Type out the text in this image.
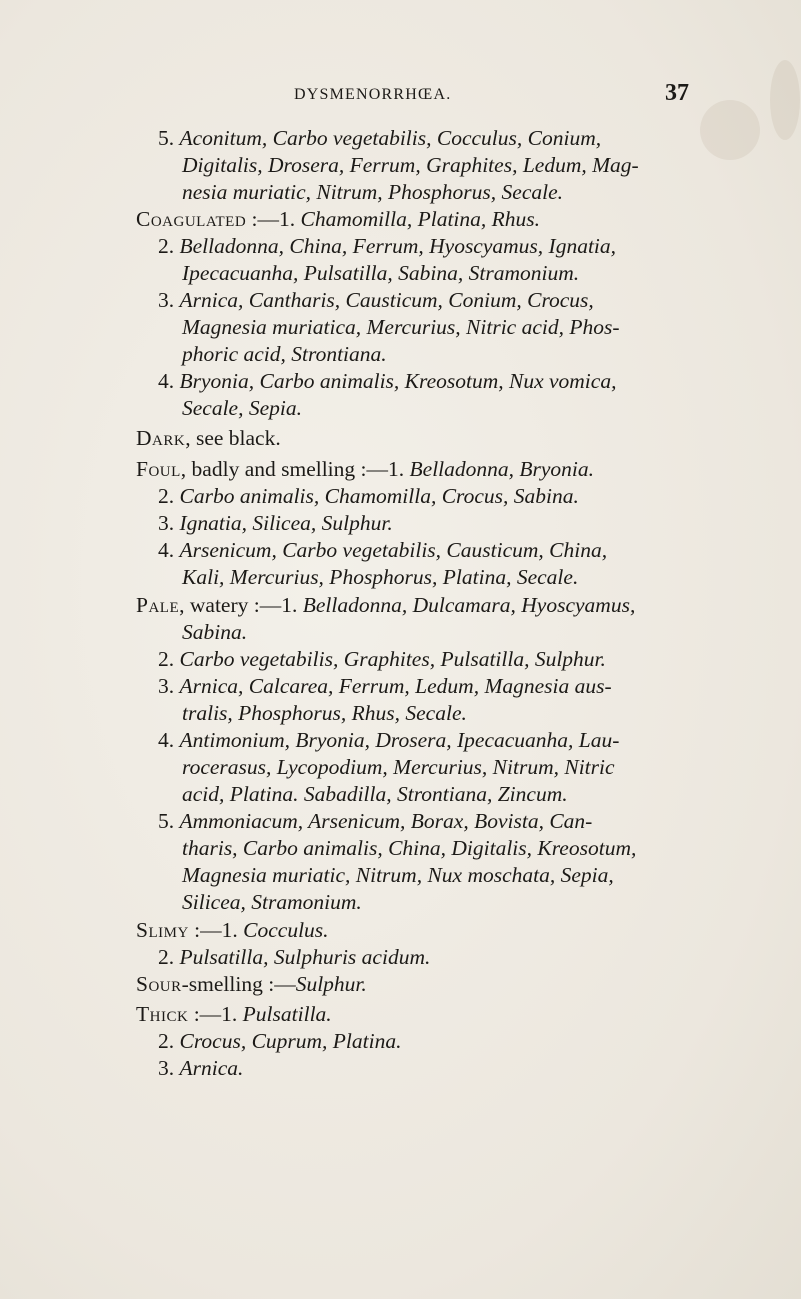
DYSMENORRHŒA.	37
5. Aconitum, Carbo vegetabilis, Cocculus, Conium,
Digitalis, Drosera, Ferrum, Graphites, Ledum, Mag-
nesia muriatic, Nitrum, Phosphorus, Secale.
Coagulated :—1. Chamomilla, Platina, Rhus.
2. Belladonna, China, Ferrum, Hyoscyamus, Ignatia,
Ipecacuanha, Pulsatilla, Sabina, Stramonium.
3. Arnica, Cantharis, Causticum, Conium, Crocus,
Magnesia muriatica, Mercurius, Nitric acid, Phos-
phoric acid, Strontiana.
4. Bryonia, Carbo animalis, Kreosotum, Nux vomica,
Secale, Sepia.
Dark, see black.
Foul, badly and smelling :—1. Belladonna, Bryonia.
2. Carbo animalis, Chamomilla, Crocus, Sabina.
3. Ignatia, Silicea, Sulphur.
4. Arsenicum, Carbo vegetabilis, Causticum, China,
Kali, Mercurius, Phosphorus, Platina, Secale.
Pale, watery :—1. Belladonna, Dulcamara, Hyoscyamus,
Sabina.
2. Carbo vegetabilis, Graphites, Pulsatilla, Sulphur.
3. Arnica, Calcarea, Ferrum, Ledum, Magnesia aus-
tralis, Phosphorus, Rhus, Secale.
4. Antimonium, Bryonia, Drosera, Ipecacuanha, Lau-
rocerasus, Lycopodium, Mercurius, Nitrum, Nitric
acid, Platina. Sabadilla, Strontiana, Zincum.
5. Ammoniacum, Arsenicum, Borax, Bovista, Can-
tharis, Carbo animalis, China, Digitalis, Kreosotum,
Magnesia muriatic, Nitrum, Nux moschata, Sepia,
Silicea, Stramonium.
Slimy :—1. Cocculus.
2. Pulsatilla, Sulphuris acidum.
Sour-smelling :—Sulphur.
Thick :—1. Pulsatilla.
2. Crocus, Cuprum, Platina.
3. Arnica.
